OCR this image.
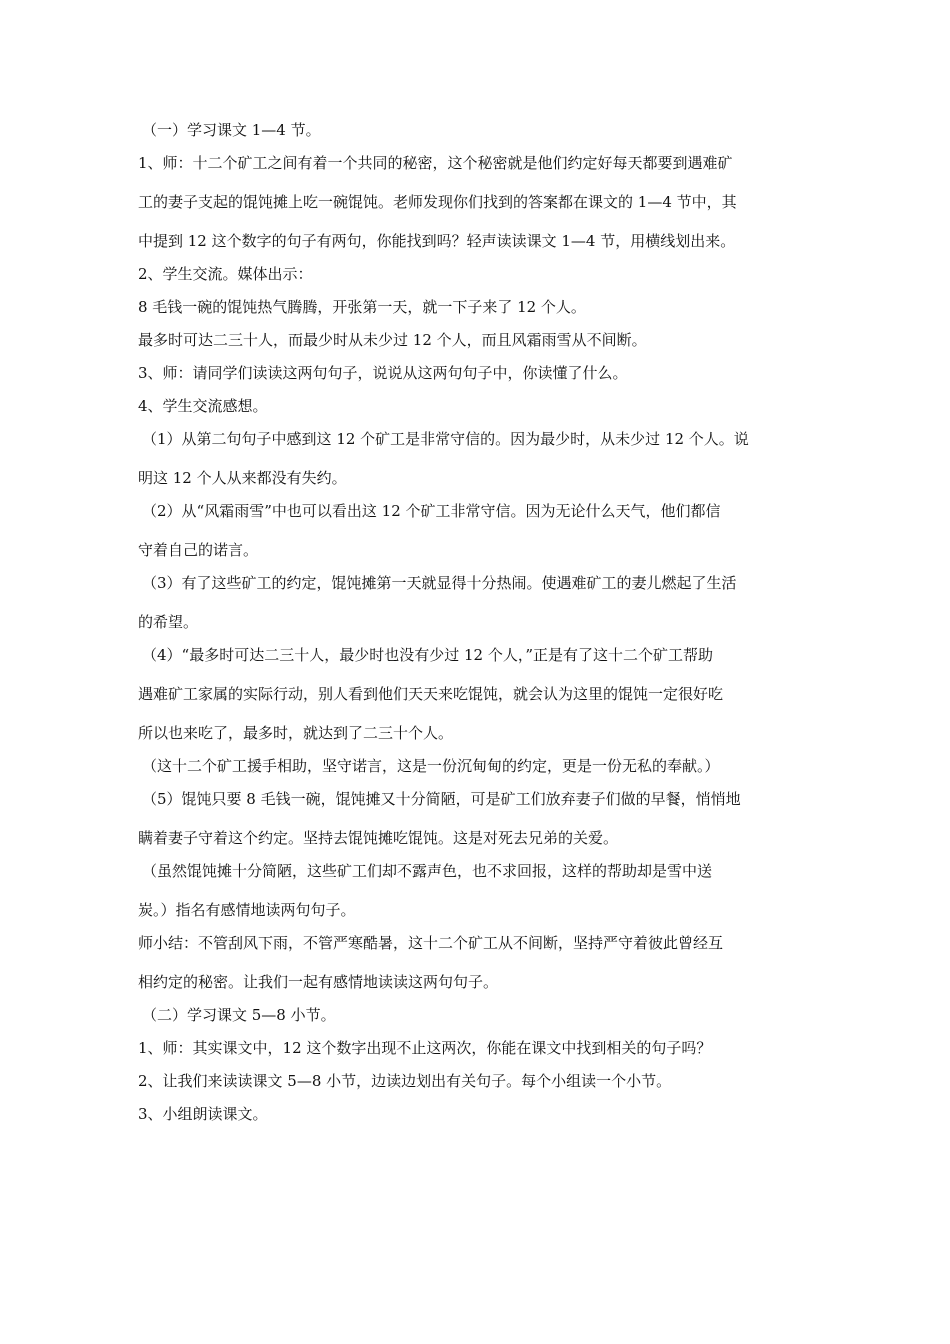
（一）学习课文 1—4 节。
1、师：十二个矿工之间有着一个共同的秘密，这个秘密就是他们约定好每天都要到遇难矿
工的妻子支起的馄饨摊上吃一碗馄饨。老师发现你们找到的答案都在课文的 1—4 节中，其
中提到 12 这个数字的句子有两句，你能找到吗？轻声读读课文 1—4 节，用横线划出来。
2、学生交流。媒体出示：
8 毛钱一碗的馄饨热气腾腾，开张第一天，就一下子来了 12 个人。
最多时可达二三十人，而最少时从未少过 12 个人，而且风霜雨雪从不间断。
3、师：请同学们读读这两句句子，说说从这两句句子中，你读懂了什么。
4、学生交流感想。
（1）从第二句句子中感到这 12 个矿工是非常守信的。因为最少时，从未少过 12 个人。说
明这 12 个人从来都没有失约。
（2）从“风霜雨雪”中也可以看出这 12 个矿工非常守信。因为无论什么天气，他们都信
守着自己的诺言。
（3）有了这些矿工的约定，馄饨摊第一天就显得十分热闹。使遇难矿工的妻儿燃起了生活
的希望。
（4）“最多时可达二三十人，最少时也没有少过 12 个人，”正是有了这十二个矿工帮助
遇难矿工家属的实际行动，别人看到他们天天来吃馄饨，就会认为这里的馄饨一定很好吃
所以也来吃了，最多时，就达到了二三十个人。
（这十二个矿工援手相助，坚守诺言，这是一份沉甸甸的约定，更是一份无私的奉献。）
（5）馄饨只要 8 毛钱一碗，馄饨摊又十分简陋，可是矿工们放弃妻子们做的早餐，悄悄地
瞒着妻子守着这个约定。坚持去馄饨摊吃馄饨。这是对死去兄弟的关爱。
（虽然馄饨摊十分简陋，这些矿工们却不露声色，也不求回报，这样的帮助却是雪中送
炭。）指名有感情地读两句句子。
师小结：不管刮风下雨，不管严寒酷暑，这十二个矿工从不间断，坚持严守着彼此曾经互
相约定的秘密。让我们一起有感情地读读这两句句子。
（二）学习课文 5—8 小节。
1、师：其实课文中，12 这个数字出现不止这两次，你能在课文中找到相关的句子吗？
2、让我们来读读课文 5—8 小节，边读边划出有关句子。每个小组读一个小节。
3、小组朗读课文。
